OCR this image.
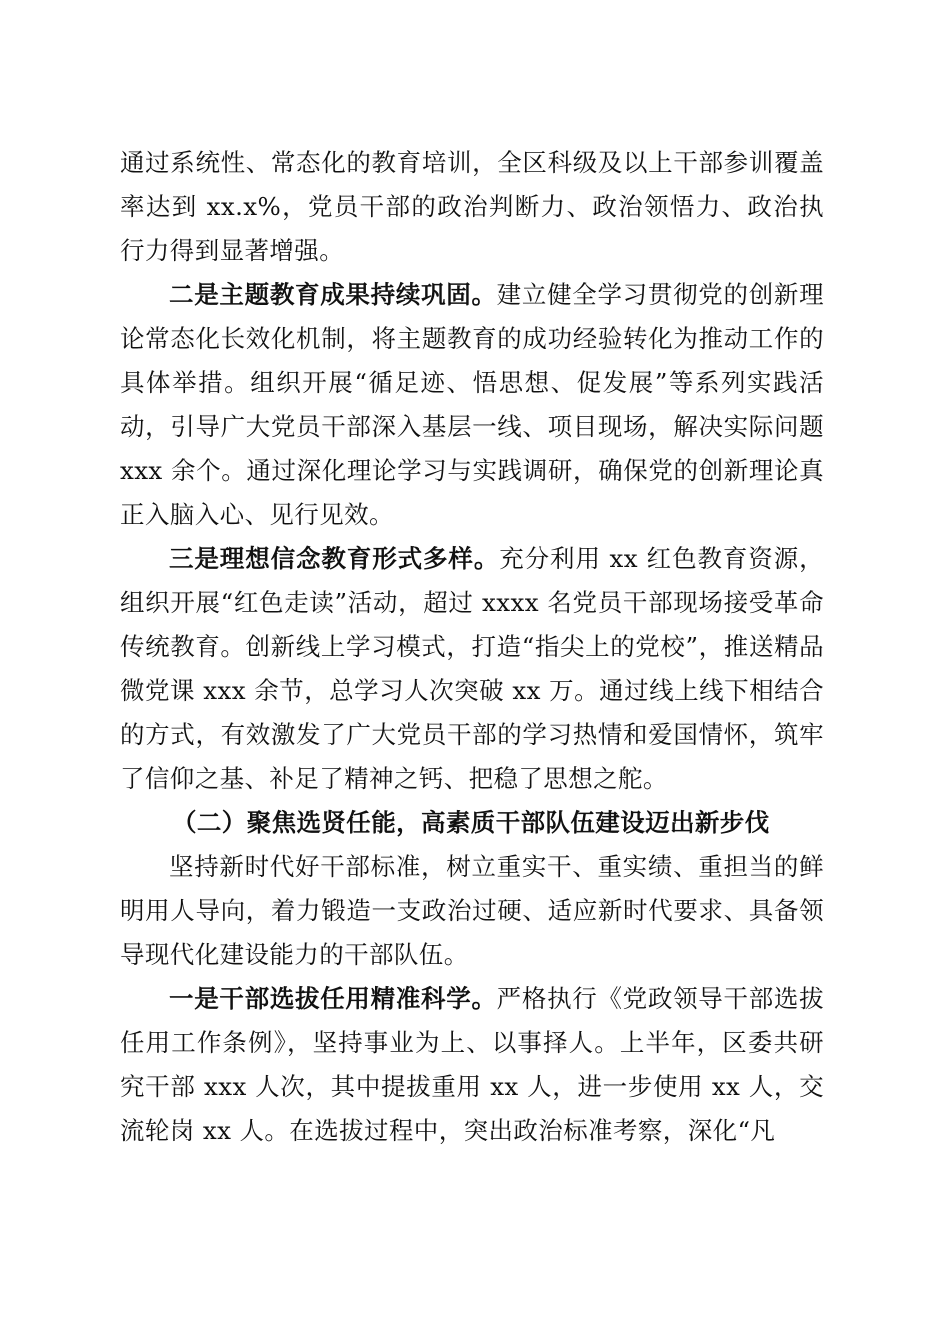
通过系统性、常态化的教育培训，全区科级及以上干部参训覆盖率达到 xx.x%，党员干部的政治判断力、政治领悟力、政治执行力得到显著增强。

二是主题教育成果持续巩固。建立健全学习贯彻党的创新理论常态化长效化机制，将主题教育的成功经验转化为推动工作的具体举措。组织开展“循足迹、悟思想、促发展”等系列实践活动，引导广大党员干部深入基层一线、项目现场，解决实际问题 xxx 余个。通过深化理论学习与实践调研，确保党的创新理论真正入脑入心、见行见效。

三是理想信念教育形式多样。充分利用 xx 红色教育资源，组织开展“红色走读”活动，超过 xxxx 名党员干部现场接受革命传统教育。创新线上学习模式，打造“指尖上的党校”，推送精品微党课 xxx 余节，总学习人次突破 xx 万。通过线上线下相结合的方式，有效激发了广大党员干部的学习热情和爱国情怀，筑牢了信仰之基、补足了精神之钙、把稳了思想之舵。

（二）聚焦选贤任能，高素质干部队伍建设迈出新步伐

坚持新时代好干部标准，树立重实干、重实绩、重担当的鲜明用人导向，着力锻造一支政治过硬、适应新时代要求、具备领导现代化建设能力的干部队伍。

一是干部选拔任用精准科学。严格执行《党政领导干部选拔任用工作条例》，坚持事业为上、以事择人。上半年，区委共研究干部 xxx 人次，其中提拔重用 xx 人，进一步使用 xx 人，交流轮岗 xx 人。在选拔过程中，突出政治标准考察，深化“凡
